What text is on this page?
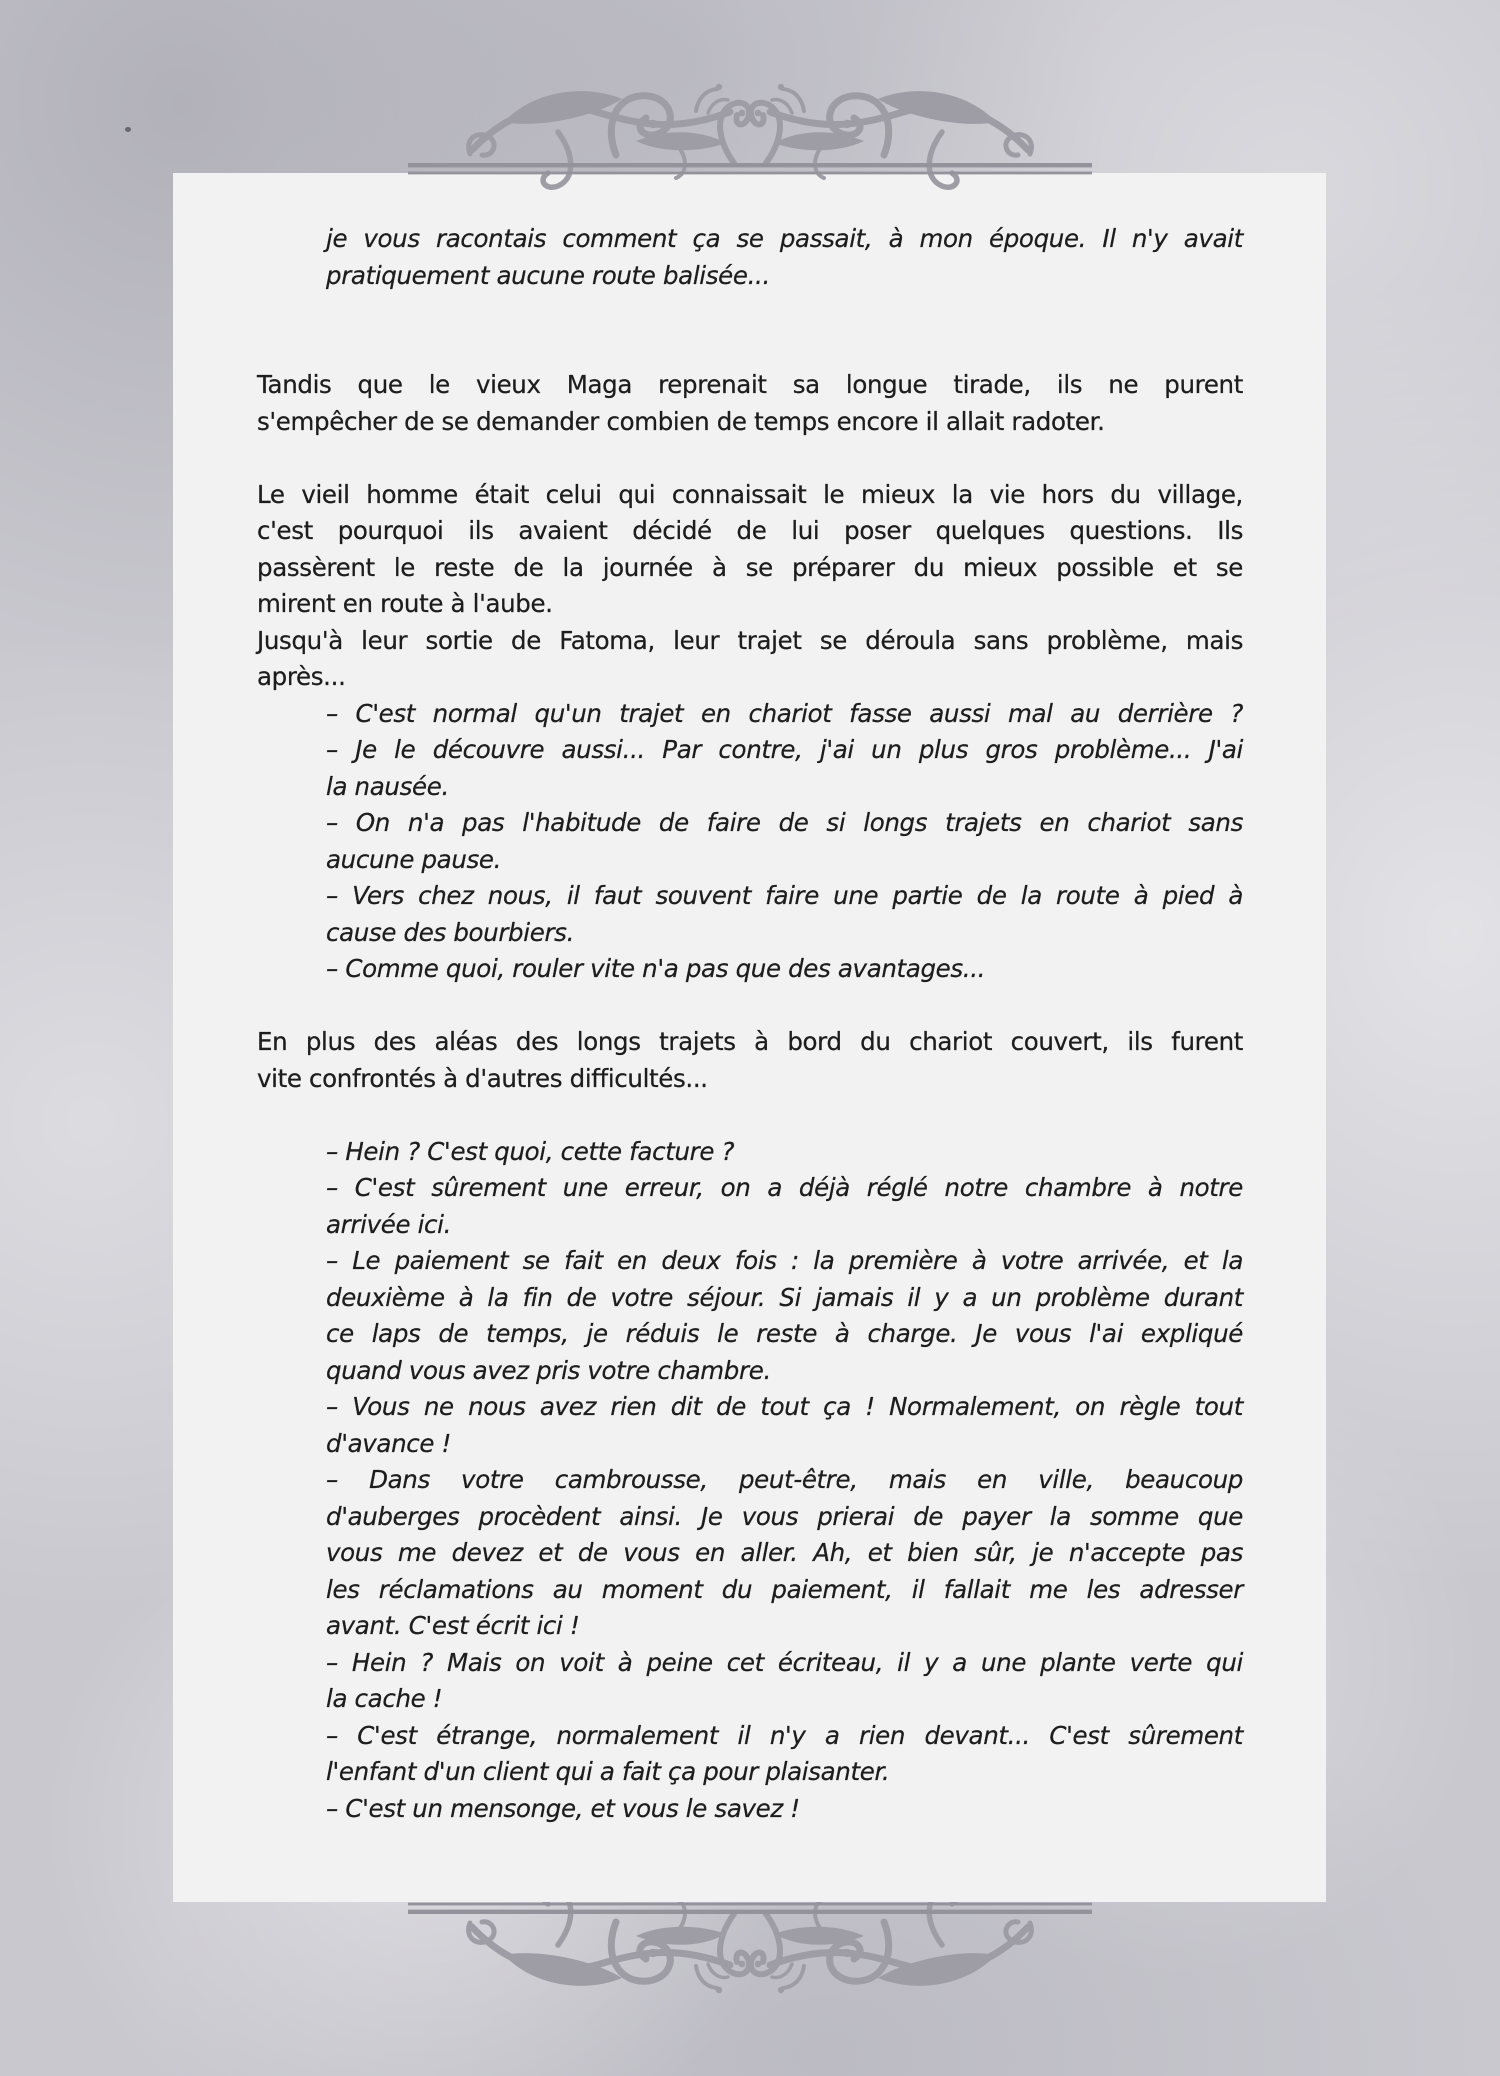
je vous racontais comment ça se passait, à mon époque. Il n'y avait
pratiquement aucune route balisée...
Tandis que le vieux Maga reprenait sa longue tirade, ils ne purent
s'empêcher de se demander combien de temps encore il allait radoter.
Le vieil homme était celui qui connaissait le mieux la vie hors du village,
c'est pourquoi ils avaient décidé de lui poser quelques questions. Ils
passèrent le reste de la journée à se préparer du mieux possible et se
mirent en route à l'aube.
Jusqu'à leur sortie de Fatoma, leur trajet se déroula sans problème, mais
après...
– C'est normal qu'un trajet en chariot fasse aussi mal au derrière ?
– Je le découvre aussi... Par contre, j'ai un plus gros problème... J'ai
la nausée.
– On n'a pas l'habitude de faire de si longs trajets en chariot sans
aucune pause.
– Vers chez nous, il faut souvent faire une partie de la route à pied à
cause des bourbiers.
– Comme quoi, rouler vite n'a pas que des avantages...
En plus des aléas des longs trajets à bord du chariot couvert, ils furent
vite confrontés à d'autres difficultés...
– Hein ? C'est quoi, cette facture ?
– C'est sûrement une erreur, on a déjà réglé notre chambre à notre
arrivée ici.
– Le paiement se fait en deux fois : la première à votre arrivée, et la
deuxième à la fin de votre séjour. Si jamais il y a un problème durant
ce laps de temps, je réduis le reste à charge. Je vous l'ai expliqué
quand vous avez pris votre chambre.
– Vous ne nous avez rien dit de tout ça ! Normalement, on règle tout
d'avance !
– Dans votre cambrousse, peut-être, mais en ville, beaucoup
d'auberges procèdent ainsi. Je vous prierai de payer la somme que
vous me devez et de vous en aller. Ah, et bien sûr, je n'accepte pas
les réclamations au moment du paiement, il fallait me les adresser
avant. C'est écrit ici !
– Hein ? Mais on voit à peine cet écriteau, il y a une plante verte qui
la cache !
– C'est étrange, normalement il n'y a rien devant... C'est sûrement
l'enfant d'un client qui a fait ça pour plaisanter.
– C'est un mensonge, et vous le savez !
